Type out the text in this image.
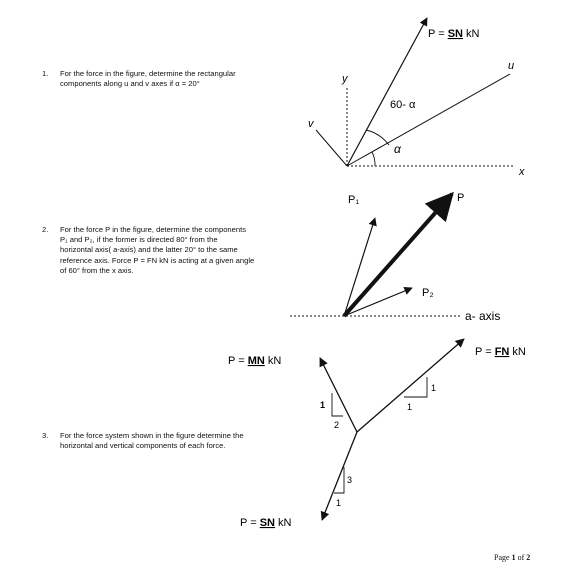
1. For the force in the figure, determine the rectangular
components along u and v axes if α = 20°
2. For the force P in the figure, determine the components
P₁ and P₂, if the former is directed 80° from the
horizontal axis( a-axis) and the latter 20° to the same
reference axis. Force P = FN kN is acting at a given angle
of 60° from the x axis.
3. For the force system shown in the figure determine the
horizontal and vertical components of each force.
y
v
u
x
60- α
α
P = SN kN
P₁	P
P₂
a- axis
1
1
1
2
3
1
P = FN kN
P = MN kN
P = SN kN
Page 1 of 2
